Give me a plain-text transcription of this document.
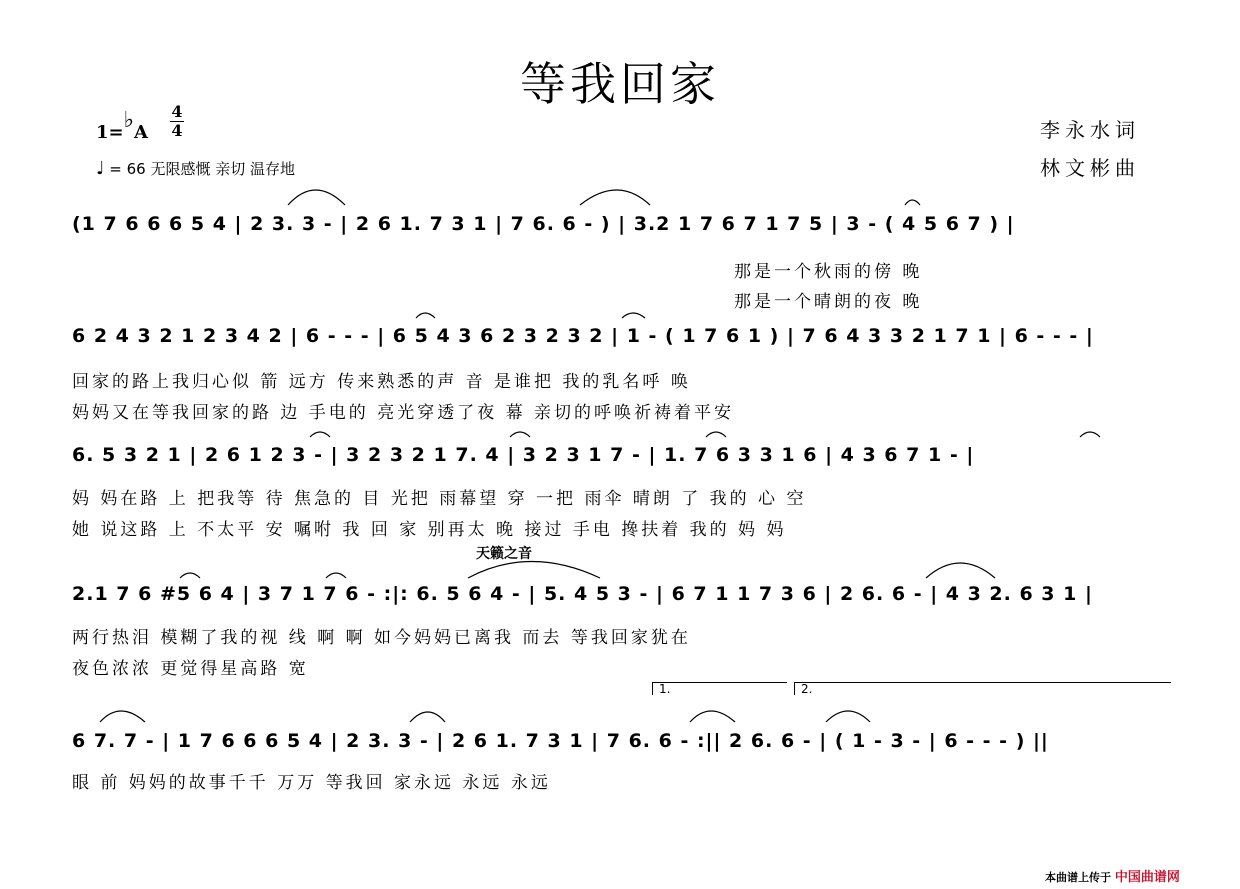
等我回家
1=♭A
4
4
♩ = 66 无限感慨 亲切 温存地
李永水词
林文彬曲
(1 7 6 6 6 5 4 | 2 3. 3 - | 2 6 1. 7 3 1 | 7 6. 6 - ) | 3.2 1 7 6 7 1 7 5 | 3 - ( 4 5 6 7 ) |
那是一个秋雨的傍 晚
那是一个晴朗的夜 晚
6 2 4 3 2 1 2 3 4 2 | 6 - - - | 6 5 4 3 6 2 3 2 3 2 | 1 - ( 1 7 6 1 ) | 7 6 4 3 3 2 1 7 1 | 6 - - - |
回家的路上我归心似 箭 远方 传来熟悉的声 音 是谁把 我的乳名呼 唤
妈妈又在等我回家的路 边 手电的 亮光穿透了夜 幕 亲切的呼唤祈祷着平安
6. 5 3 2 1 | 2 6 1 2 3 - | 3 2 3 2 1 7. 4 | 3 2 3 1 7 - | 1. 7 6 3 3 1 6 | 4 3 6 7 1 - |
妈 妈在路 上 把我等 待 焦急的 目 光把 雨幕望 穿 一把 雨伞 晴朗 了 我的 心 空
她 说这路 上 不太平 安 嘱咐 我 回 家 别再太 晚 接过 手电 搀扶着 我的 妈 妈
天籁之音
2.1 7 6 #5 6 4 | 3 7 1 7 6 - :|: 6. 5 6 4 - | 5. 4 5 3 - | 6 7 1 1 7 3 6 | 2 6. 6 - | 4 3 2. 6 3 1 |
两行热泪 模糊了我的视 线 啊 啊 如今妈妈已离我 而去 等我回家犹在
夜色浓浓 更觉得星高路 宽
1.	2.
6 7. 7 - | 1 7 6 6 6 5 4 | 2 3. 3 - | 2 6 1. 7 3 1 | 7 6. 6 - :|| 2 6. 6 - | ( 1 - 3 - | 6 - - - ) ||
眼 前 妈妈的故事千千 万万 等我回 家永远 永远 永远
本曲谱上传于 中国曲谱网
